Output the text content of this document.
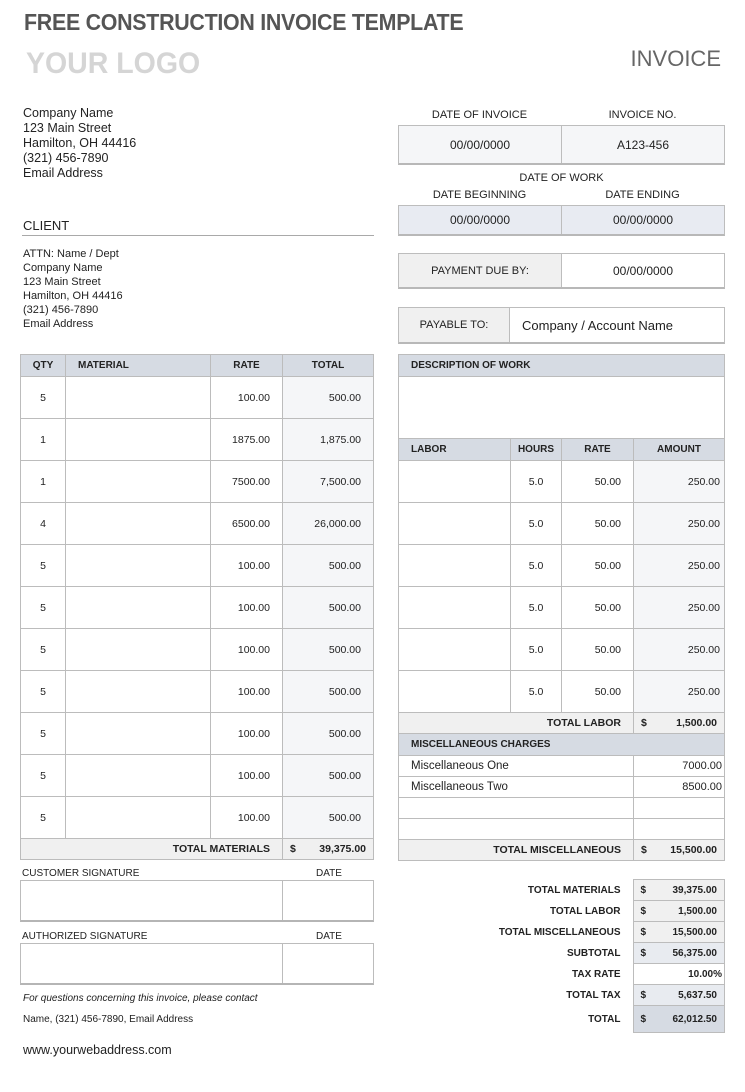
FREE CONSTRUCTION INVOICE TEMPLATE
YOUR LOGO	INVOICE
Company Name
123 Main Street
Hamilton, OH 44416
(321) 456-7890
Email Address
CLIENT
ATTN: Name / Dept
Company Name
123 Main Street
Hamilton, OH 44416
(321) 456-7890
Email Address
DATE OF INVOICE	INVOICE NO.
00/00/0000	A123-456
DATE OF WORK
DATE BEGINNING	DATE ENDING
00/00/0000	00/00/0000
PAYMENT DUE BY:	00/00/0000
PAYABLE TO:	Company / Account Name
QTY	MATERIAL	RATE	TOTAL
5		100.00	500.00
1		1875.00	1,875.00
1		7500.00	7,500.00
4		6500.00	26,000.00
5		100.00	500.00
5		100.00	500.00
5		100.00	500.00
5		100.00	500.00
5		100.00	500.00
5		100.00	500.00
5		100.00	500.00
TOTAL MATERIALS			$ 39,375.00
DESCRIPTION OF WORK			

LABOR	HOURS	RATE	AMOUNT
	5.0	50.00	250.00
	5.0	50.00	250.00
	5.0	50.00	250.00
	5.0	50.00	250.00
	5.0	50.00	250.00
	5.0	50.00	250.00
TOTAL LABOR			$ 1,500.00

MISCELLANEOUS CHARGES			
Miscellaneous One			7000.00
Miscellaneous Two			8500.00

TOTAL MISCELLANEOUS			$ 15,500.00
CUSTOMER SIGNATURE	DATE
AUTHORIZED SIGNATURE	DATE
TOTAL MATERIALS	$ 39,375.00

TOTAL LABOR	$ 1,500.00

TOTAL MISCELLANEOUS	$ 15,500.00

SUBTOTAL	$ 56,375.00

TAX RATE	10.00%

TOTAL TAX	$ 5,637.50

TOTAL	$ 62,012.50
For questions concerning this invoice, please contact
Name, (321) 456-7890, Email Address
www.yourwebaddress.com
